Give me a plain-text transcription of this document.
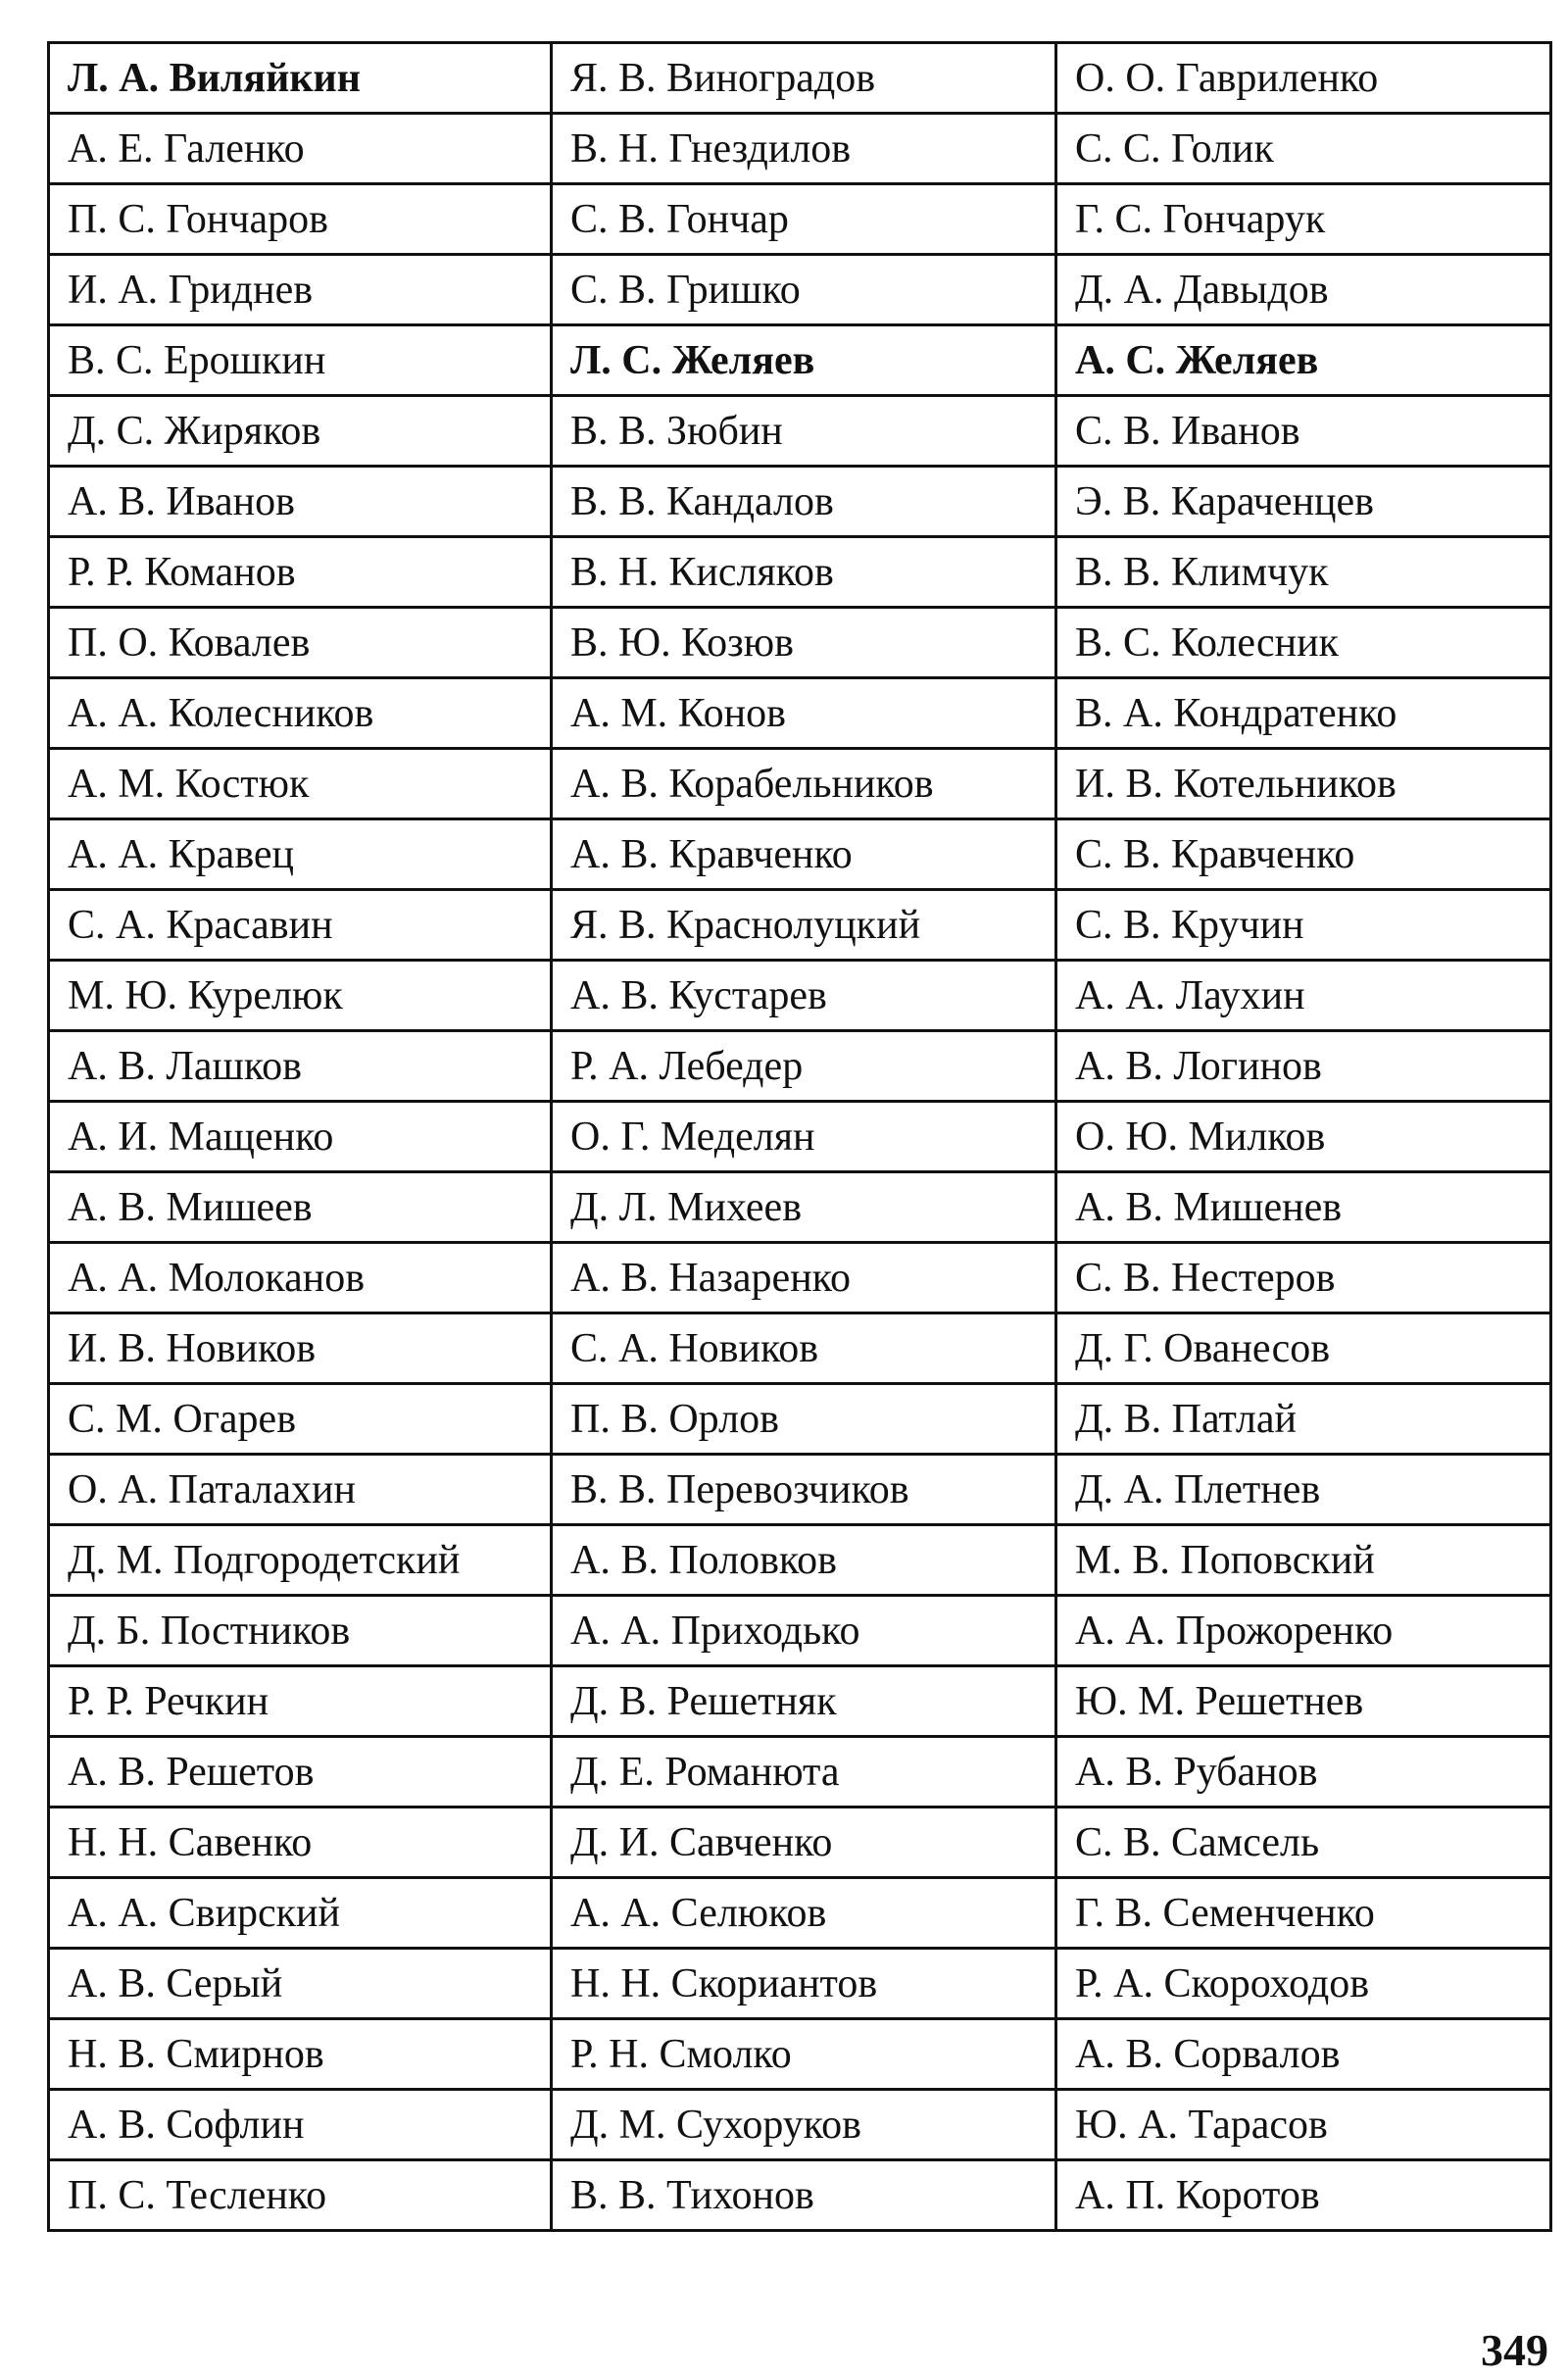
Л. А. Виляйкин	Я. В. Виноградов	О. О. Гавриленко
А. Е. Галенко	В. Н. Гнездилов	С. С. Голик
П. С. Гончаров	С. В. Гончар	Г. С. Гончарук
И. А. Гриднев	С. В. Гришко	Д. А. Давыдов
В. С. Ерошкин	Л. С. Желяев	А. С. Желяев
Д. С. Жиряков	В. В. Зюбин	С. В. Иванов
А. В. Иванов	В. В. Кандалов	Э. В. Караченцев
Р. Р. Команов	В. Н. Кисляков	В. В. Климчук
П. О. Ковалев	В. Ю. Козюв	В. С. Колесник
А. А. Колесников	А. М. Конов	В. А. Кондратенко
А. М. Костюк	А. В. Корабельников	И. В. Котельников
А. А. Кравец	А. В. Кравченко	С. В. Кравченко
С. А. Красавин	Я. В. Краснолуцкий	С. В. Кручин
М. Ю. Курелюк	А. В. Кустарев	А. А. Лаухин
А. В. Лашков	Р. А. Лебедер	А. В. Логинов
А. И. Мащенко	О. Г. Меделян	О. Ю. Милков
А. В. Мишеев	Д. Л. Михеев	А. В. Мишенев
А. А. Молоканов	А. В. Назаренко	С. В. Нестеров
И. В. Новиков	С. А. Новиков	Д. Г. Ованесов
С. М. Огарев	П. В. Орлов	Д. В. Патлай
О. А. Паталахин	В. В. Перевозчиков	Д. А. Плетнев
Д. М. Подгородетский	А. В. Половков	М. В. Поповский
Д. Б. Постников	А. А. Приходько	А. А. Прожоренко
Р. Р. Речкин	Д. В. Решетняк	Ю. М. Решетнев
А. В. Решетов	Д. Е. Романюта	А. В. Рубанов
Н. Н. Савенко	Д. И. Савченко	С. В. Самсель
А. А. Свирский	А. А. Селюков	Г. В. Семенченко
А. В. Серый	Н. Н. Скориантов	Р. А. Скороходов
Н. В. Смирнов	Р. Н. Смолко	А. В. Сорвалов
А. В. Софлин	Д. М. Сухоруков	Ю. А. Тарасов
П. С. Тесленко	В. В. Тихонов	А. П. Коротов
349
